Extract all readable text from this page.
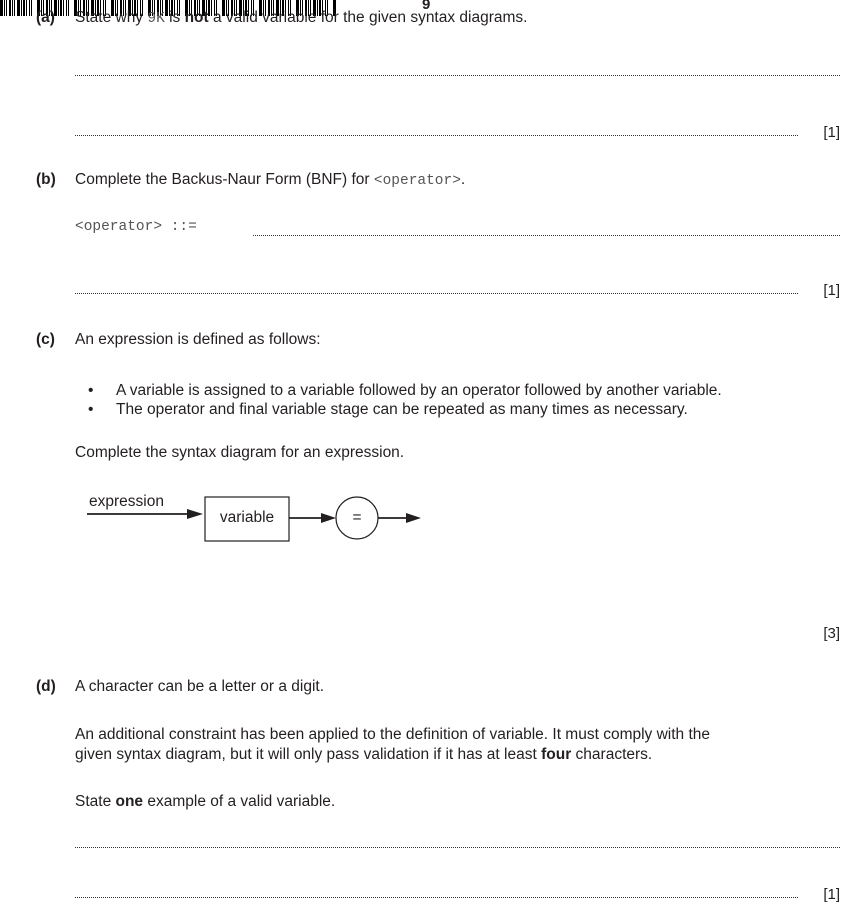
9
(a) State why 9K is not a valid variable for the given syntax diagrams.
[1]
(b) Complete the Backus-Naur Form (BNF) for <operator>.
<operator> ::=
[1]
(c) An expression is defined as follows:
• A variable is assigned to a variable followed by an operator followed by another variable.
• The operator and final variable stage can be repeated as many times as necessary.
Complete the syntax diagram for an expression.
expression
variable	=
[3]
(d) A character can be a letter or a digit.
An additional constraint has been applied to the definition of variable. It must comply with the
given syntax diagram, but it will only pass validation if it has at least four characters.
State one example of a valid variable.
[1]
